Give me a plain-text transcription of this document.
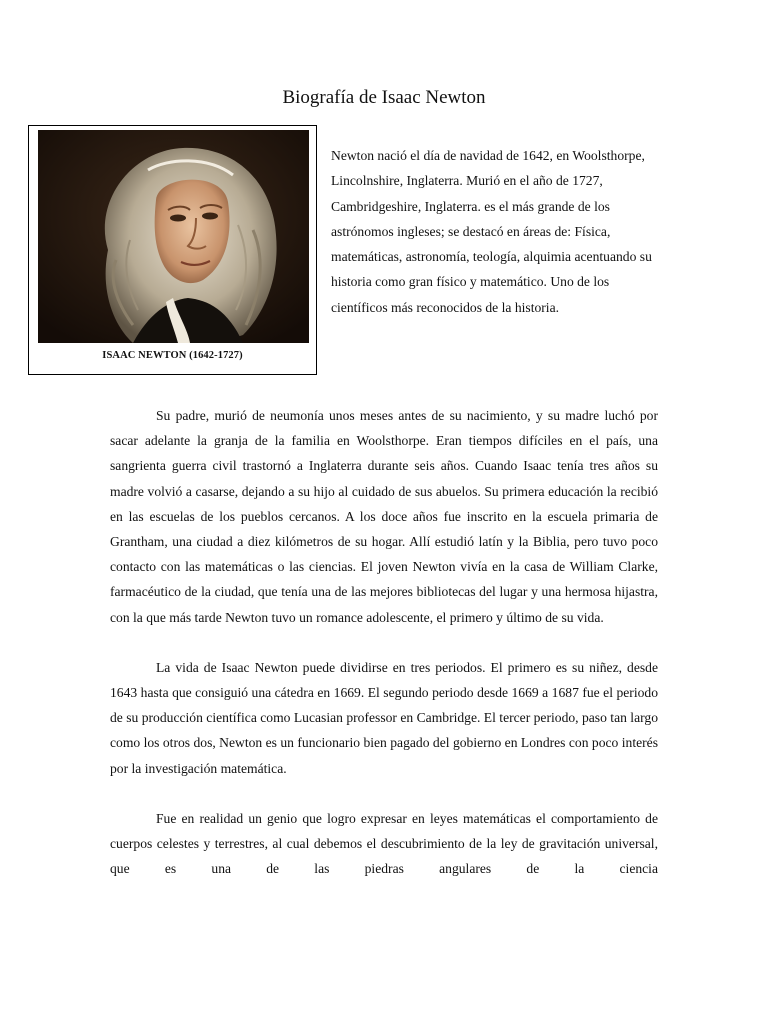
Biografía de Isaac Newton
ISAAC NEWTON (1642-1727)
Newton nació el día de navidad de 1642, en Woolsthorpe, Lincolnshire, Inglaterra. Murió en el año de 1727, Cambridgeshire, Inglaterra. es el más grande de los astrónomos ingleses; se destacó en áreas de: Física, matemáticas, astronomía, teología, alquimia acentuando su historia como gran físico y matemático. Uno de los científicos más reconocidos de la historia.

Su padre, murió de neumonía unos meses antes de su nacimiento, y su madre luchó por sacar adelante la granja de la familia en Woolsthorpe. Eran tiempos difíciles en el país, una sangrienta guerra civil trastornó a Inglaterra durante seis años. Cuando Isaac tenía tres años su madre volvió a casarse, dejando a su hijo al cuidado de sus abuelos. Su primera educación la recibió en las escuelas de los pueblos cercanos. A los doce años fue inscrito en la escuela primaria de Grantham, una ciudad a diez kilómetros de su hogar. Allí estudió latín y la Biblia, pero tuvo poco contacto con las matemáticas o las ciencias. El joven Newton vivía en la casa de William Clarke, farmacéutico de la ciudad, que tenía una de las mejores bibliotecas del lugar y una hermosa hijastra, con la que más tarde Newton tuvo un romance adolescente, el primero y último de su vida.

La vida de Isaac Newton puede dividirse en tres periodos. El primero es su niñez, desde 1643 hasta que consiguió una cátedra en 1669. El segundo periodo desde 1669 a 1687 fue el periodo de su producción científica como Lucasian professor en Cambridge. El tercer periodo, paso tan largo como los otros dos, Newton es un funcionario bien pagado del gobierno en Londres con poco interés por la investigación matemática.

Fue en realidad un genio que logro expresar en leyes matemáticas el comportamiento de cuerpos celestes y terrestres, al cual debemos el descubrimiento de la ley de gravitación universal, que es una de las piedras angulares de la ciencia
